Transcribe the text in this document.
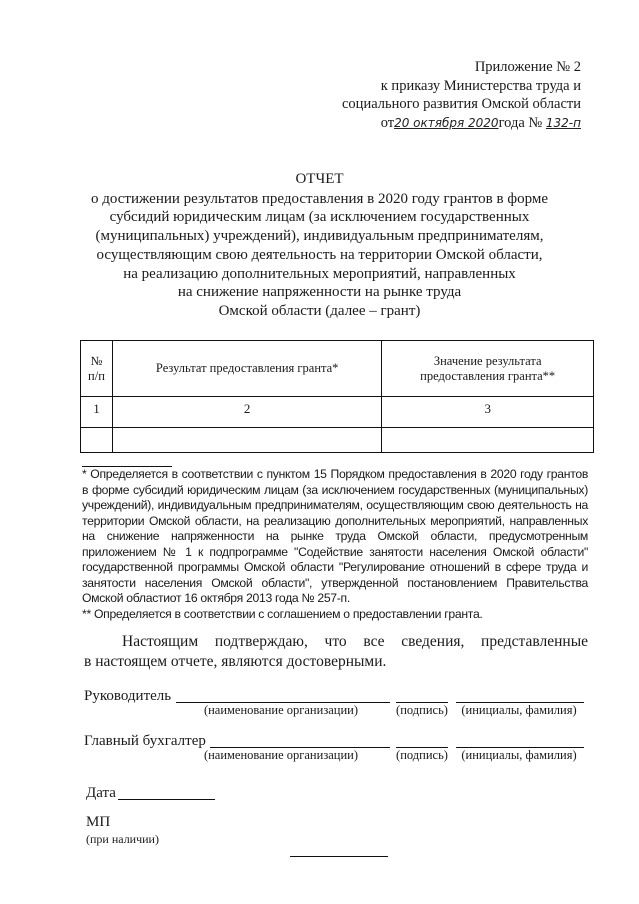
Приложение № 2
к приказу Министерства труда и
социального развития Омской области
от20 октября 2020года № 132-п
ОТЧЕТ
о достижении результатов предоставления в 2020 году грантов в форме
субсидий юридическим лицам (за исключением государственных
(муниципальных) учреждений), индивидуальным предпринимателям,
осуществляющим свою деятельность на территории Омской области,
на реализацию дополнительных мероприятий, направленных
на снижение напряженности на рынке труда
Омской области (далее – грант)
№ п/п	Результат предоставления гранта*	Значение результата
предоставления гранта**

1	2	3

* Определяется в соответствии с пунктом 15 Порядком предоставления в 2020 году грантов в форме субсидий юридическим лицам (за исключением государственных (муниципальных) учреждений), индивидуальным предпринимателям, осуществляющим свою деятельность на территории Омской области, на реализацию дополнительных мероприятий, направленных на снижение напряженности на рынке труда Омской области, предусмотренным приложением № 1 к подпрограмме "Содействие занятости населения Омской области" государственной программы Омской области "Регулирование отношений в сфере труда и занятости населения Омской области", утвержденной постановлением Правительства Омской областиот 16 октября 2013 года № 257-п.

** Определяется в соответствии с соглашением о предоставлении гранта.

Настоящим подтверждаю, что все сведения, представленные
в настоящем отчете, являются достоверными.
Руководитель
(наименование организации)	(подпись)	(инициалы, фамилия)
Главный бухгалтер
(наименование организации)	(подпись)	(инициалы, фамилия)
Дата
МП
(при наличии)
